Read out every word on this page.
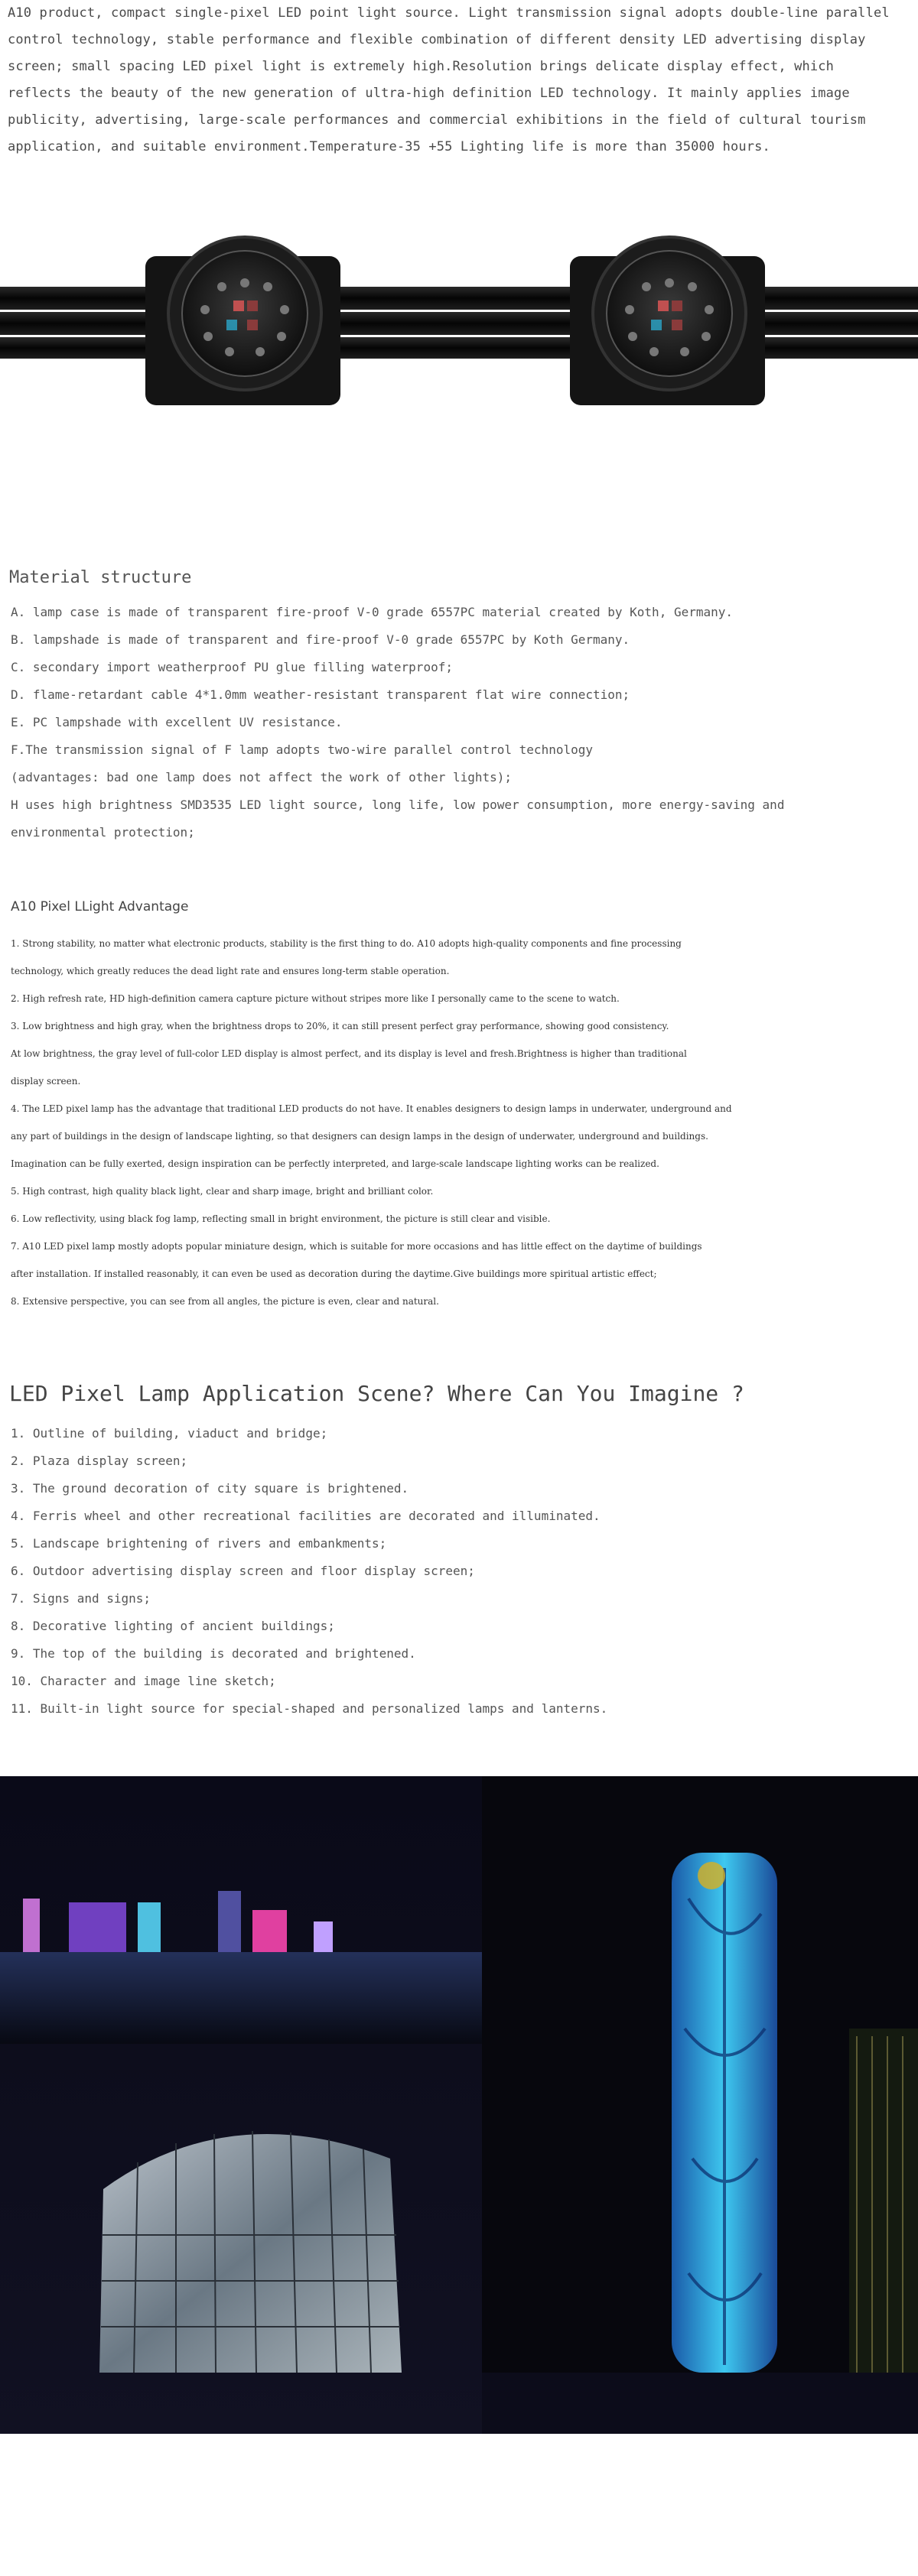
A10 product, compact single-pixel LED point light source. Light transmission signal adopts double-line parallel
control technology, stable performance and flexible combination of different density LED advertising display
screen; small spacing LED pixel light is extremely high.Resolution brings delicate display effect, which
reflects the beauty of the new generation of ultra-high definition LED technology. It mainly applies image
publicity, advertising, large-scale performances and commercial exhibitions in the field of cultural tourism
application, and suitable environment.Temperature-35 +55 Lighting life is more than 35000 hours.
Material structure
A. lamp case is made of transparent fire-proof V-0 grade 6557PC material created by Koth, Germany.
B. lampshade is made of transparent and fire-proof V-0 grade 6557PC by Koth Germany.
C. secondary import weatherproof PU glue filling waterproof;
D. flame-retardant cable 4*1.0mm weather-resistant transparent flat wire connection;
E. PC lampshade with excellent UV resistance.
F.The transmission signal of F lamp adopts two-wire parallel control technology
(advantages: bad one lamp does not affect the work of other lights);
H uses high brightness SMD3535 LED light source, long life, low power consumption, more energy-saving and
environmental protection;
A10 Pixel LLight Advantage
1. Strong stability, no matter what electronic products, stability is the first thing to do. A10 adopts high-quality components and fine processing
technology, which greatly reduces the dead light rate and ensures long-term stable operation.
2. High refresh rate, HD high-definition camera capture picture without stripes more like I personally came to the scene to watch.
3. Low brightness and high gray, when the brightness drops to 20%, it can still present perfect gray performance, showing good consistency.
At low brightness, the gray level of full-color LED display is almost perfect, and its display is level and fresh.Brightness is higher than traditional
display screen.
4. The LED pixel lamp has the advantage that traditional LED products do not have. It enables designers to design lamps in underwater, underground and
any part of buildings in the design of landscape lighting, so that designers can design lamps in the design of underwater, underground and buildings.
Imagination can be fully exerted, design inspiration can be perfectly interpreted, and large-scale landscape lighting works can be realized.
5. High contrast, high quality black light, clear and sharp image, bright and brilliant color.
6. Low reflectivity, using black fog lamp, reflecting small in bright environment, the picture is still clear and visible.
7. A10 LED pixel lamp mostly adopts popular miniature design, which is suitable for more occasions and has little effect on the daytime of buildings
after installation. If installed reasonably, it can even be used as decoration during the daytime.Give buildings more spiritual artistic effect;
8. Extensive perspective, you can see from all angles, the picture is even, clear and natural.
LED Pixel Lamp Application Scene? Where Can You Imagine ?
1. Outline of building, viaduct and bridge;
2. Plaza display screen;
3. The ground decoration of city square is brightened.
4. Ferris wheel and other recreational facilities are decorated and illuminated.
5. Landscape brightening of rivers and embankments;
6. Outdoor advertising display screen and floor display screen;
7. Signs and signs;
8. Decorative lighting of ancient buildings;
9. The top of the building is decorated and brightened.
10. Character and image line sketch;
11. Built-in light source for special-shaped and personalized lamps and lanterns.
